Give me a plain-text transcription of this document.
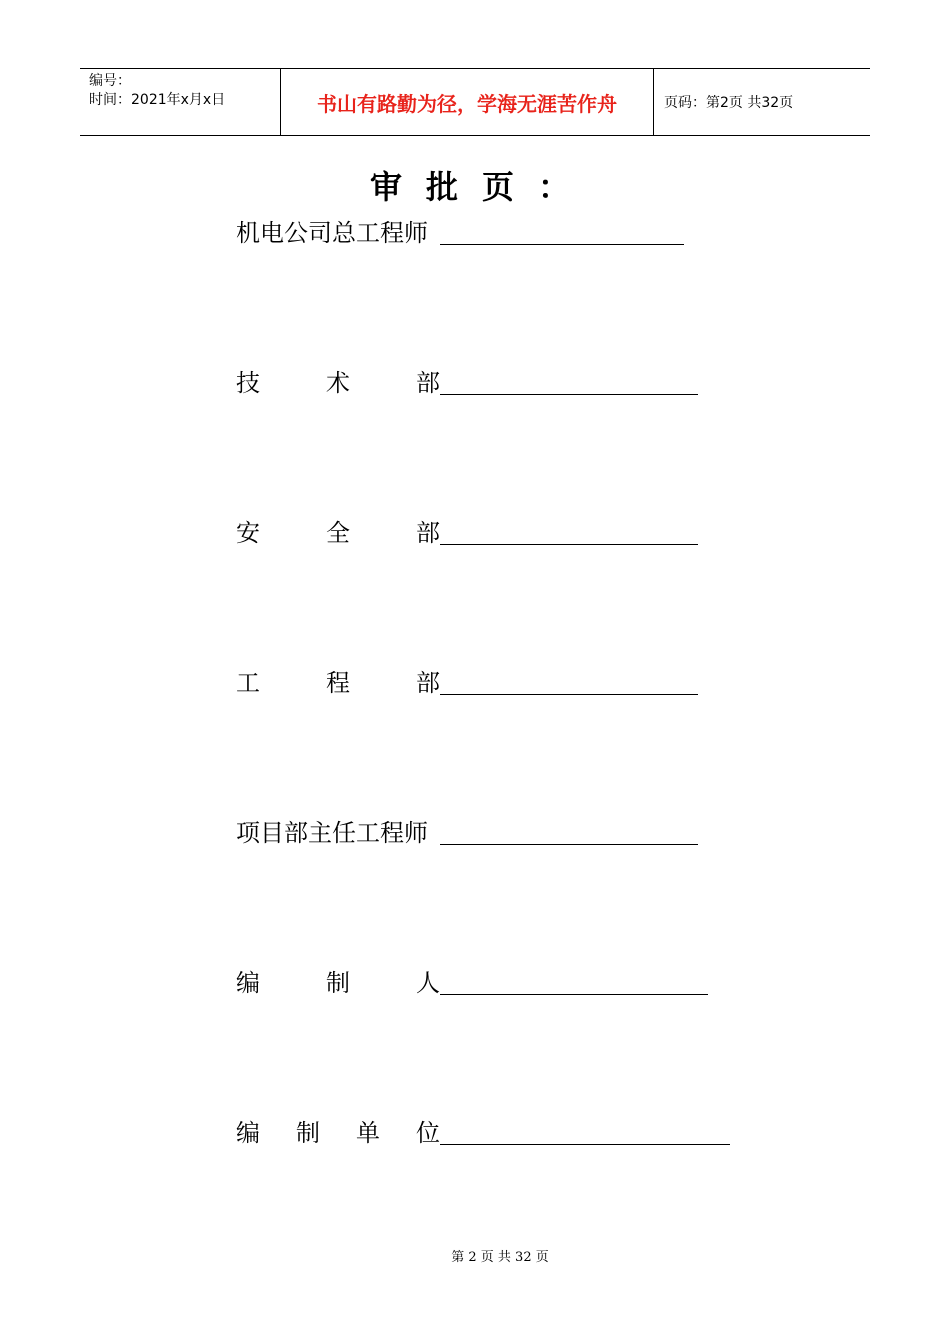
编号：
时间：2021年x月x日	书山有路勤为径，学海无涯苦作舟	页码：第2页 共32页
审批页：
机电公司总工程师
技	术	部
安	全	部
工	程	部
项目部主任工程师
编	制	人
编 制 单 位
第 2 页 共 32 页
